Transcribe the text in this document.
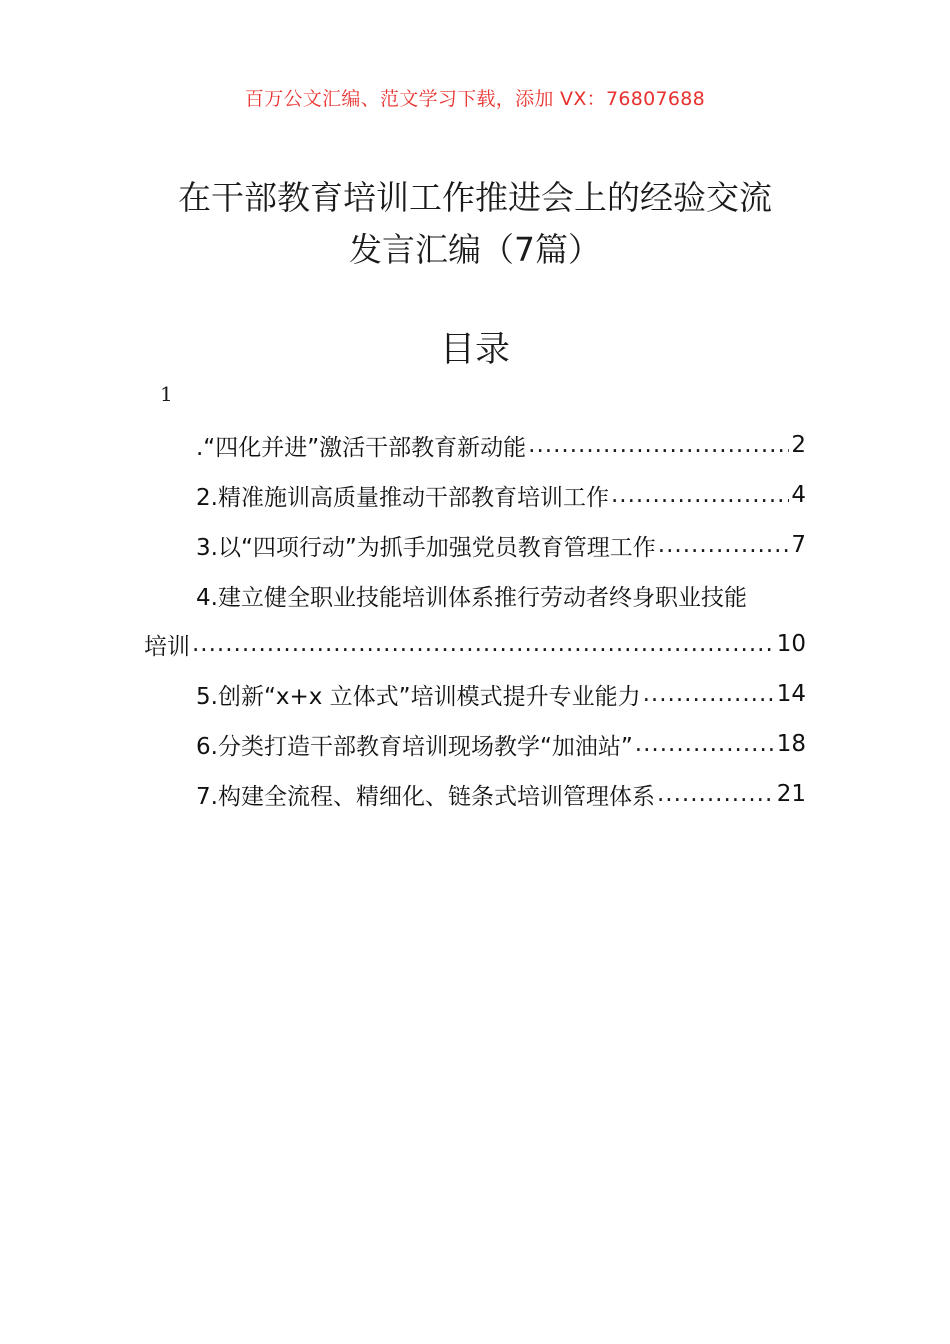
百万公文汇编、范文学习下载，添加 VX：76807688
在干部教育培训工作推进会上的经验交流
发言汇编（7篇）
目录
1
.“四化并进”激活干部教育新动能 .....	2
2.精准施训高质量推动干部教育培训工作 .....	4
3.以“四项行动”为抓手加强党员教育管理工作 .....	7
4.建立健全职业技能培训体系推行劳动者终身职业技能
培训 .....	10
5.创新“x+x 立体式”培训模式提升专业能力 .....	14
6.分类打造干部教育培训现场教学“加油站” .....	18
7.构建全流程、精细化、链条式培训管理体系 .....	21
